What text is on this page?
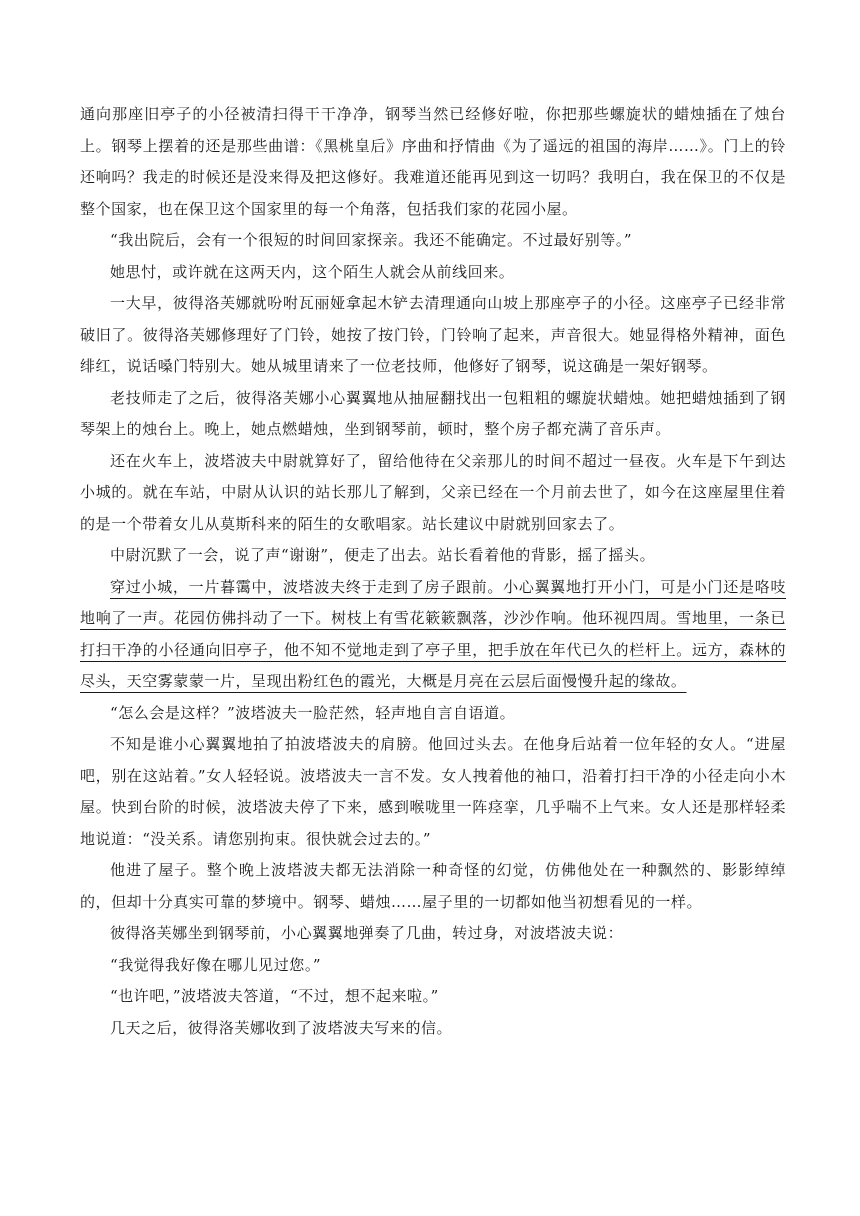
通向那座旧亭子的小径被清扫得干干净净，钢琴当然已经修好啦，你把那些螺旋状的蜡烛插在了烛台上。钢琴上摆着的还是那些曲谱：《黑桃皇后》序曲和抒情曲《为了遥远的祖国的海岸……》。门上的铃还响吗？我走的时候还是没来得及把这修好。我难道还能再见到这一切吗？我明白，我在保卫的不仅是整个国家，也在保卫这个国家里的每一个角落，包括我们家的花园小屋。

“我出院后，会有一个很短的时间回家探亲。我还不能确定。不过最好别等。”

她思忖，或许就在这两天内，这个陌生人就会从前线回来。

一大早，彼得洛芙娜就吩咐瓦丽娅拿起木铲去清理通向山坡上那座亭子的小径。这座亭子已经非常破旧了。彼得洛芙娜修理好了门铃，她按了按门铃，门铃响了起来，声音很大。她显得格外精神，面色绯红，说话嗓门特别大。她从城里请来了一位老技师，他修好了钢琴，说这确是一架好钢琴。

老技师走了之后，彼得洛芙娜小心翼翼地从抽屉翻找出一包粗粗的螺旋状蜡烛。她把蜡烛插到了钢琴架上的烛台上。晚上，她点燃蜡烛，坐到钢琴前，顿时，整个房子都充满了音乐声。

还在火车上，波塔波夫中尉就算好了，留给他待在父亲那儿的时间不超过一昼夜。火车是下午到达小城的。就在车站，中尉从认识的站长那儿了解到，父亲已经在一个月前去世了，如今在这座屋里住着的是一个带着女儿从莫斯科来的陌生的女歌唱家。站长建议中尉就别回家去了。

中尉沉默了一会，说了声“谢谢”，便走了出去。站长看着他的背影，摇了摇头。

穿过小城，一片暮霭中，波塔波夫终于走到了房子跟前。小心翼翼地打开小门，可是小门还是咯吱地响了一声。花园仿佛抖动了一下。树枝上有雪花簌簌飘落，沙沙作响。他环视四周。雪地里，一条已打扫干净的小径通向旧亭子，他不知不觉地走到了亭子里，把手放在年代已久的栏杆上。远方，森林的尽头，天空雾蒙蒙一片，呈现出粉红色的霞光，大概是月亮在云层后面慢慢升起的缘故。

“怎么会是这样？”波塔波夫一脸茫然，轻声地自言自语道。

不知是谁小心翼翼地拍了拍波塔波夫的肩膀。他回过头去。在他身后站着一位年轻的女人。“进屋吧，别在这站着。”女人轻轻说。波塔波夫一言不发。女人拽着他的袖口，沿着打扫干净的小径走向小木屋。快到台阶的时候，波塔波夫停了下来，感到喉咙里一阵痉挛，几乎喘不上气来。女人还是那样轻柔地说道：“没关系。请您别拘束。很快就会过去的。”

他进了屋子。整个晚上波塔波夫都无法消除一种奇怪的幻觉，仿佛他处在一种飘然的、影影绰绰的，但却十分真实可靠的梦境中。钢琴、蜡烛……屋子里的一切都如他当初想看见的一样。

彼得洛芙娜坐到钢琴前，小心翼翼地弹奏了几曲，转过身，对波塔波夫说：

“我觉得我好像在哪儿见过您。”

“也许吧，”波塔波夫答道，“不过，想不起来啦。”

几天之后，彼得洛芙娜收到了波塔波夫写来的信。
